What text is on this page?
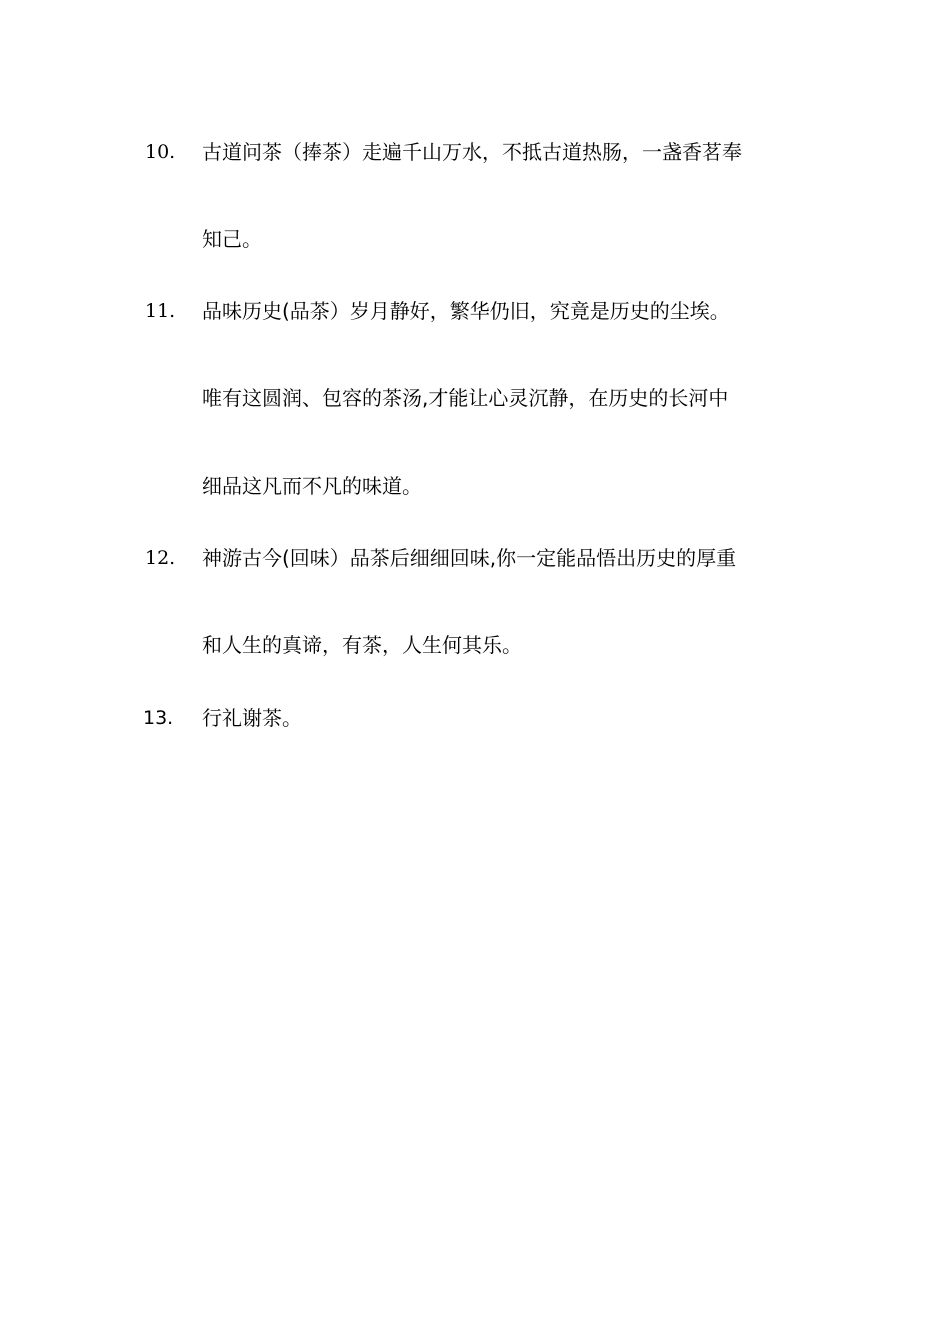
10. 古道问茶（捧茶）走遍千山万水，不抵古道热肠，一盏香茗奉
知己。
11. 品味历史(品茶）岁月静好，繁华仍旧，究竟是历史的尘埃。
唯有这圆润、包容的茶汤,才能让心灵沉静，在历史的长河中
细品这凡而不凡的味道。
12. 神游古今(回味）品茶后细细回味,你一定能品悟出历史的厚重
和人生的真谛，有茶，人生何其乐。
13. 行礼谢茶。
